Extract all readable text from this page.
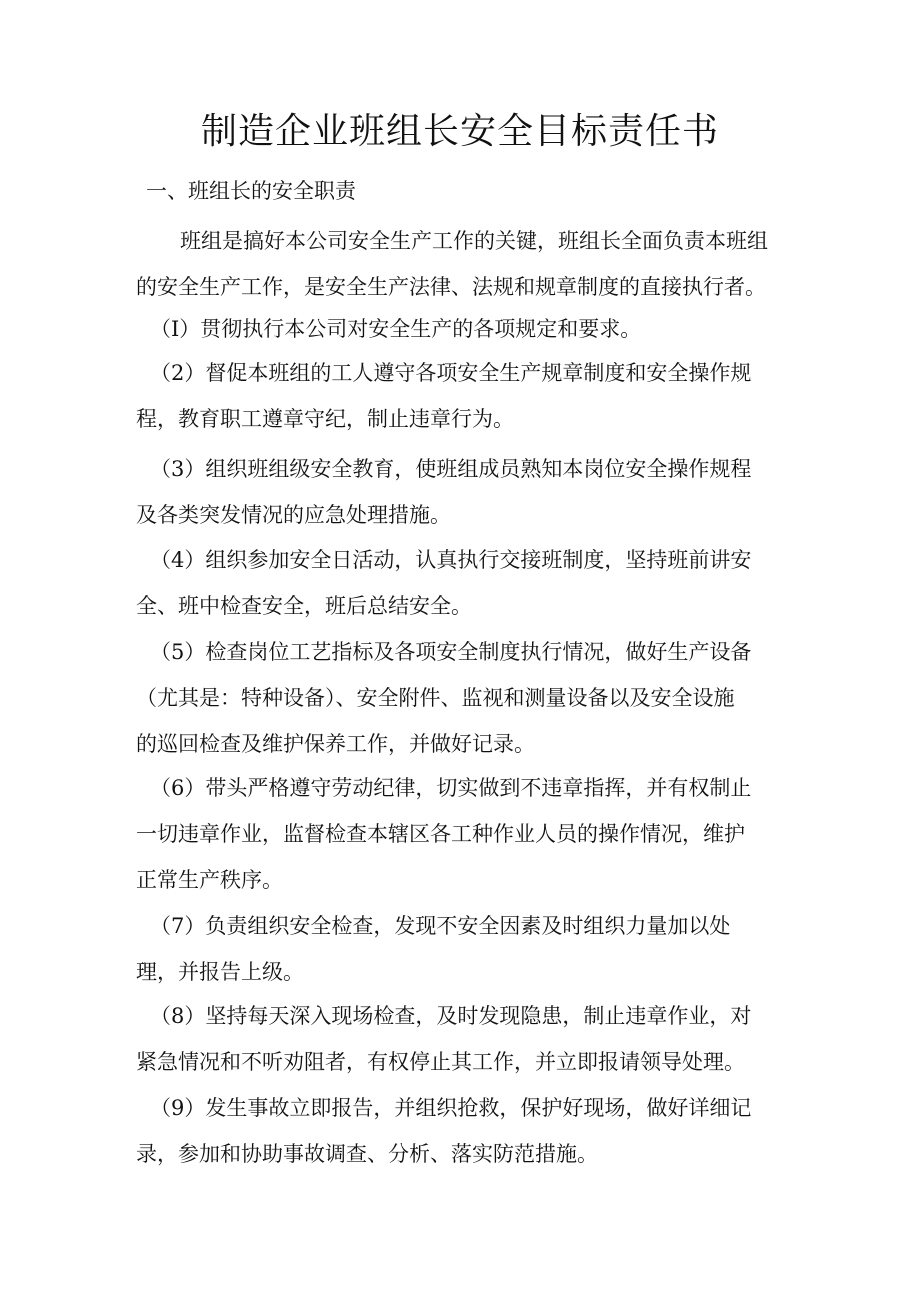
制造企业班组长安全目标责任书
一、班组长的安全职责
班组是搞好本公司安全生产工作的关键，班组长全面负责本班组
的安全生产工作，是安全生产法律、法规和规章制度的直接执行者。
（I）贯彻执行本公司对安全生产的各项规定和要求。
（2）督促本班组的工人遵守各项安全生产规章制度和安全操作规
程，教育职工遵章守纪，制止违章行为。
（3）组织班组级安全教育，使班组成员熟知本岗位安全操作规程
及各类突发情况的应急处理措施。
（4）组织参加安全日活动，认真执行交接班制度，坚持班前讲安
全、班中检查安全，班后总结安全。
（5）检查岗位工艺指标及各项安全制度执行情况，做好生产设备
（尤其是：特种设备）、安全附件、监视和测量设备以及安全设施
的巡回检查及维护保养工作，并做好记录。
（6）带头严格遵守劳动纪律，切实做到不违章指挥，并有权制止
一切违章作业，监督检查本辖区各工种作业人员的操作情况，维护
正常生产秩序。
（7）负责组织安全检查，发现不安全因素及时组织力量加以处
理，并报告上级。
（8）坚持每天深入现场检查，及时发现隐患，制止违章作业，对
紧急情况和不听劝阻者，有权停止其工作，并立即报请领导处理。
（9）发生事故立即报告，并组织抢救，保护好现场，做好详细记
录，参加和协助事故调查、分析、落实防范措施。
